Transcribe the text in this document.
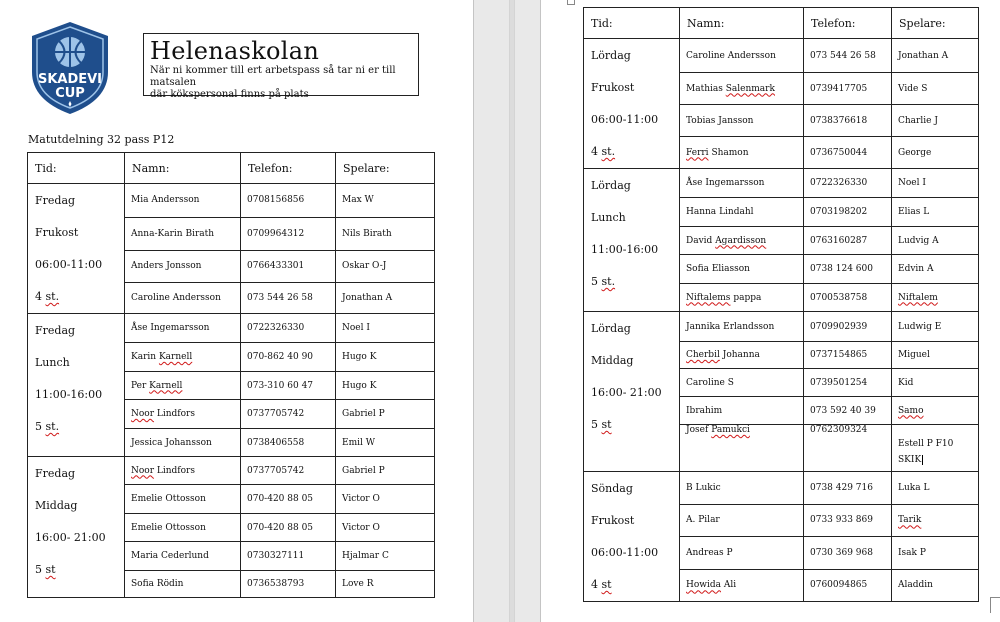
SKADEVI
CUP
Helenaskolan
När ni kommer till ert arbetspass så tar ni er till matsalen
där kökspersonal finns på plats
Matutdelning 32 pass P12
Tid:	Namn:	Telefon:	Spelare:

Fredag
Frukost
06:00-11:00
4 st.	Mia Andersson	0708156856	Max W
	Anna-Karin Birath	0709964312	Nils Birath
	Anders Jonsson	0766433301	Oskar O-J
	Caroline Andersson	073 544 26 58	Jonathan A

Fredag
Lunch
11:00-16:00
5 st.	Åse Ingemarsson	0722326330	Noel I
	Karin Karnell	070-862 40 90	Hugo K
	Per Karnell	073-310 60 47	Hugo K
	Noor Lindfors	0737705742	Gabriel P
	Jessica Johansson	0738406558	Emil W

Fredag
Middag
16:00- 21:00
5 st	Noor Lindfors	0737705742	Gabriel P
	Emelie Ottosson	070-420 88 05	Victor O
	Emelie Ottosson	070-420 88 05	Victor O
	Maria Cederlund	0730327111	Hjalmar C
	Sofia Rödin	0736538793	Love R
Tid:	Namn:	Telefon:	Spelare:

Lördag
Frukost
06:00-11:00
4 st.	Caroline Andersson	073 544 26 58	Jonathan A
	Mathias Salenmark	0739417705	Vide S
	Tobias Jansson	0738376618	Charlie J
	Ferri Shamon	0736750044	George

Lördag
Lunch
11:00-16:00
5 st.	Åse Ingemarsson	0722326330	Noel I
	Hanna Lindahl	0703198202	Elias L
	David Agardisson	0763160287	Ludvig A
	Sofia Eliasson	0738 124 600	Edvin A
	Niftalems pappa	0700538758	Niftalem

Lördag
Middag
16:00- 21:00
5 st	Jannika Erlandsson	0709902939	Ludwig E
	Cherbil Johanna	0737154865	Miguel
	Caroline S	0739501254	Kid
	Ibrahim	073 592 40 39	Samo
	Josef Pamukci	0762309324	Estell P F10
SKIK

Söndag
Frukost
06:00-11:00
4 st	B Lukic	0738 429 716	Luka L
	A. Pilar	0733 933 869	Tarik
	Andreas P	0730 369 968	Isak P
	Howida Ali	0760094865	Aladdin
